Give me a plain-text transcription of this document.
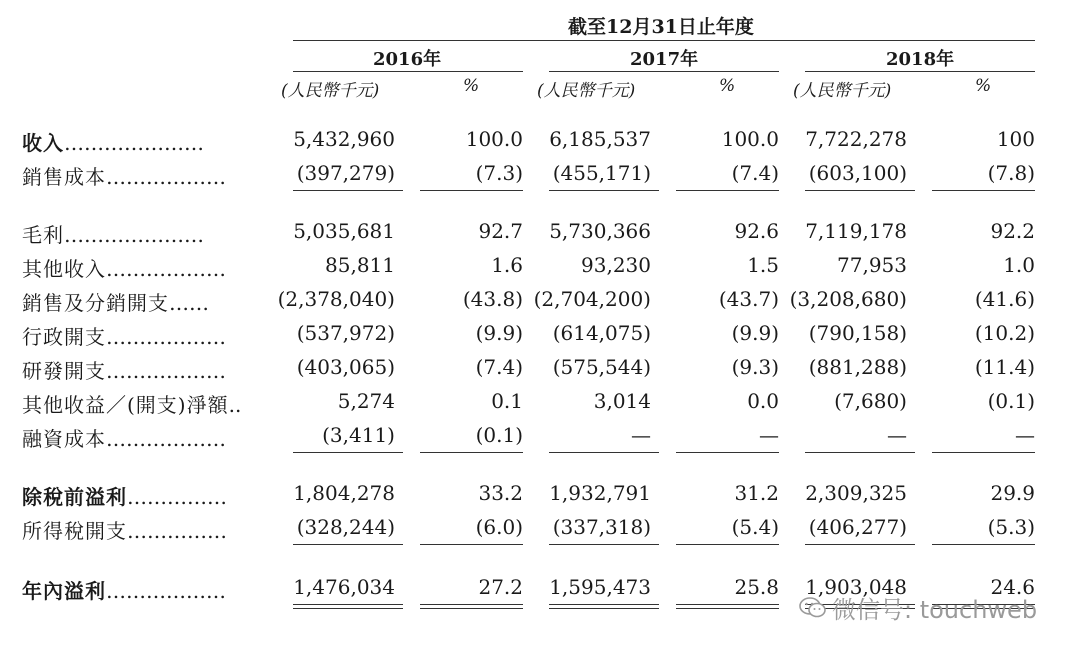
截至12月31日止年度
2016年	2017年	2018年
(人民幣千元)	%	(人民幣千元)	%	(人民幣千元)	%
收入…………………	5,432,960	100.0 6,185,537	100.0 7,722,278	100
銷售成本………………	(397,279)	(7.3) (455,171)	(7.4) (603,100)	(7.8)
毛利…………………	5,035,681	92.7 5,730,366	92.6 7,119,178	92.2
其他收入………………	85,811	1.6	93,230	1.5	77,953	1.0
銷售及分銷開支……	(2,378,040)	(43.8) (2,704,200)	(43.7) (3,208,680)	(41.6)
行政開支………………	(537,972)	(9.9) (614,075)	(9.9) (790,158)	(10.2)
研發開支………………	(403,065)	(7.4) (575,544)	(9.3) (881,288)	(11.4)
其他收益／(開支)淨額..	5,274	0.1	3,014	0.0	(7,680)	(0.1)
融資成本………………	(3,411)	(0.1)	—	—	—	—
除稅前溢利……………	1,804,278	33.2 1,932,791	31.2 2,309,325	29.9
所得稅開支……………	(328,244)	(6.0) (337,318)	(5.4) (406,277)	(5.3)
年內溢利………………	1,476,034	27.2 1,595,473	25.8 1,903,048	24.6
微信号: touchweb
